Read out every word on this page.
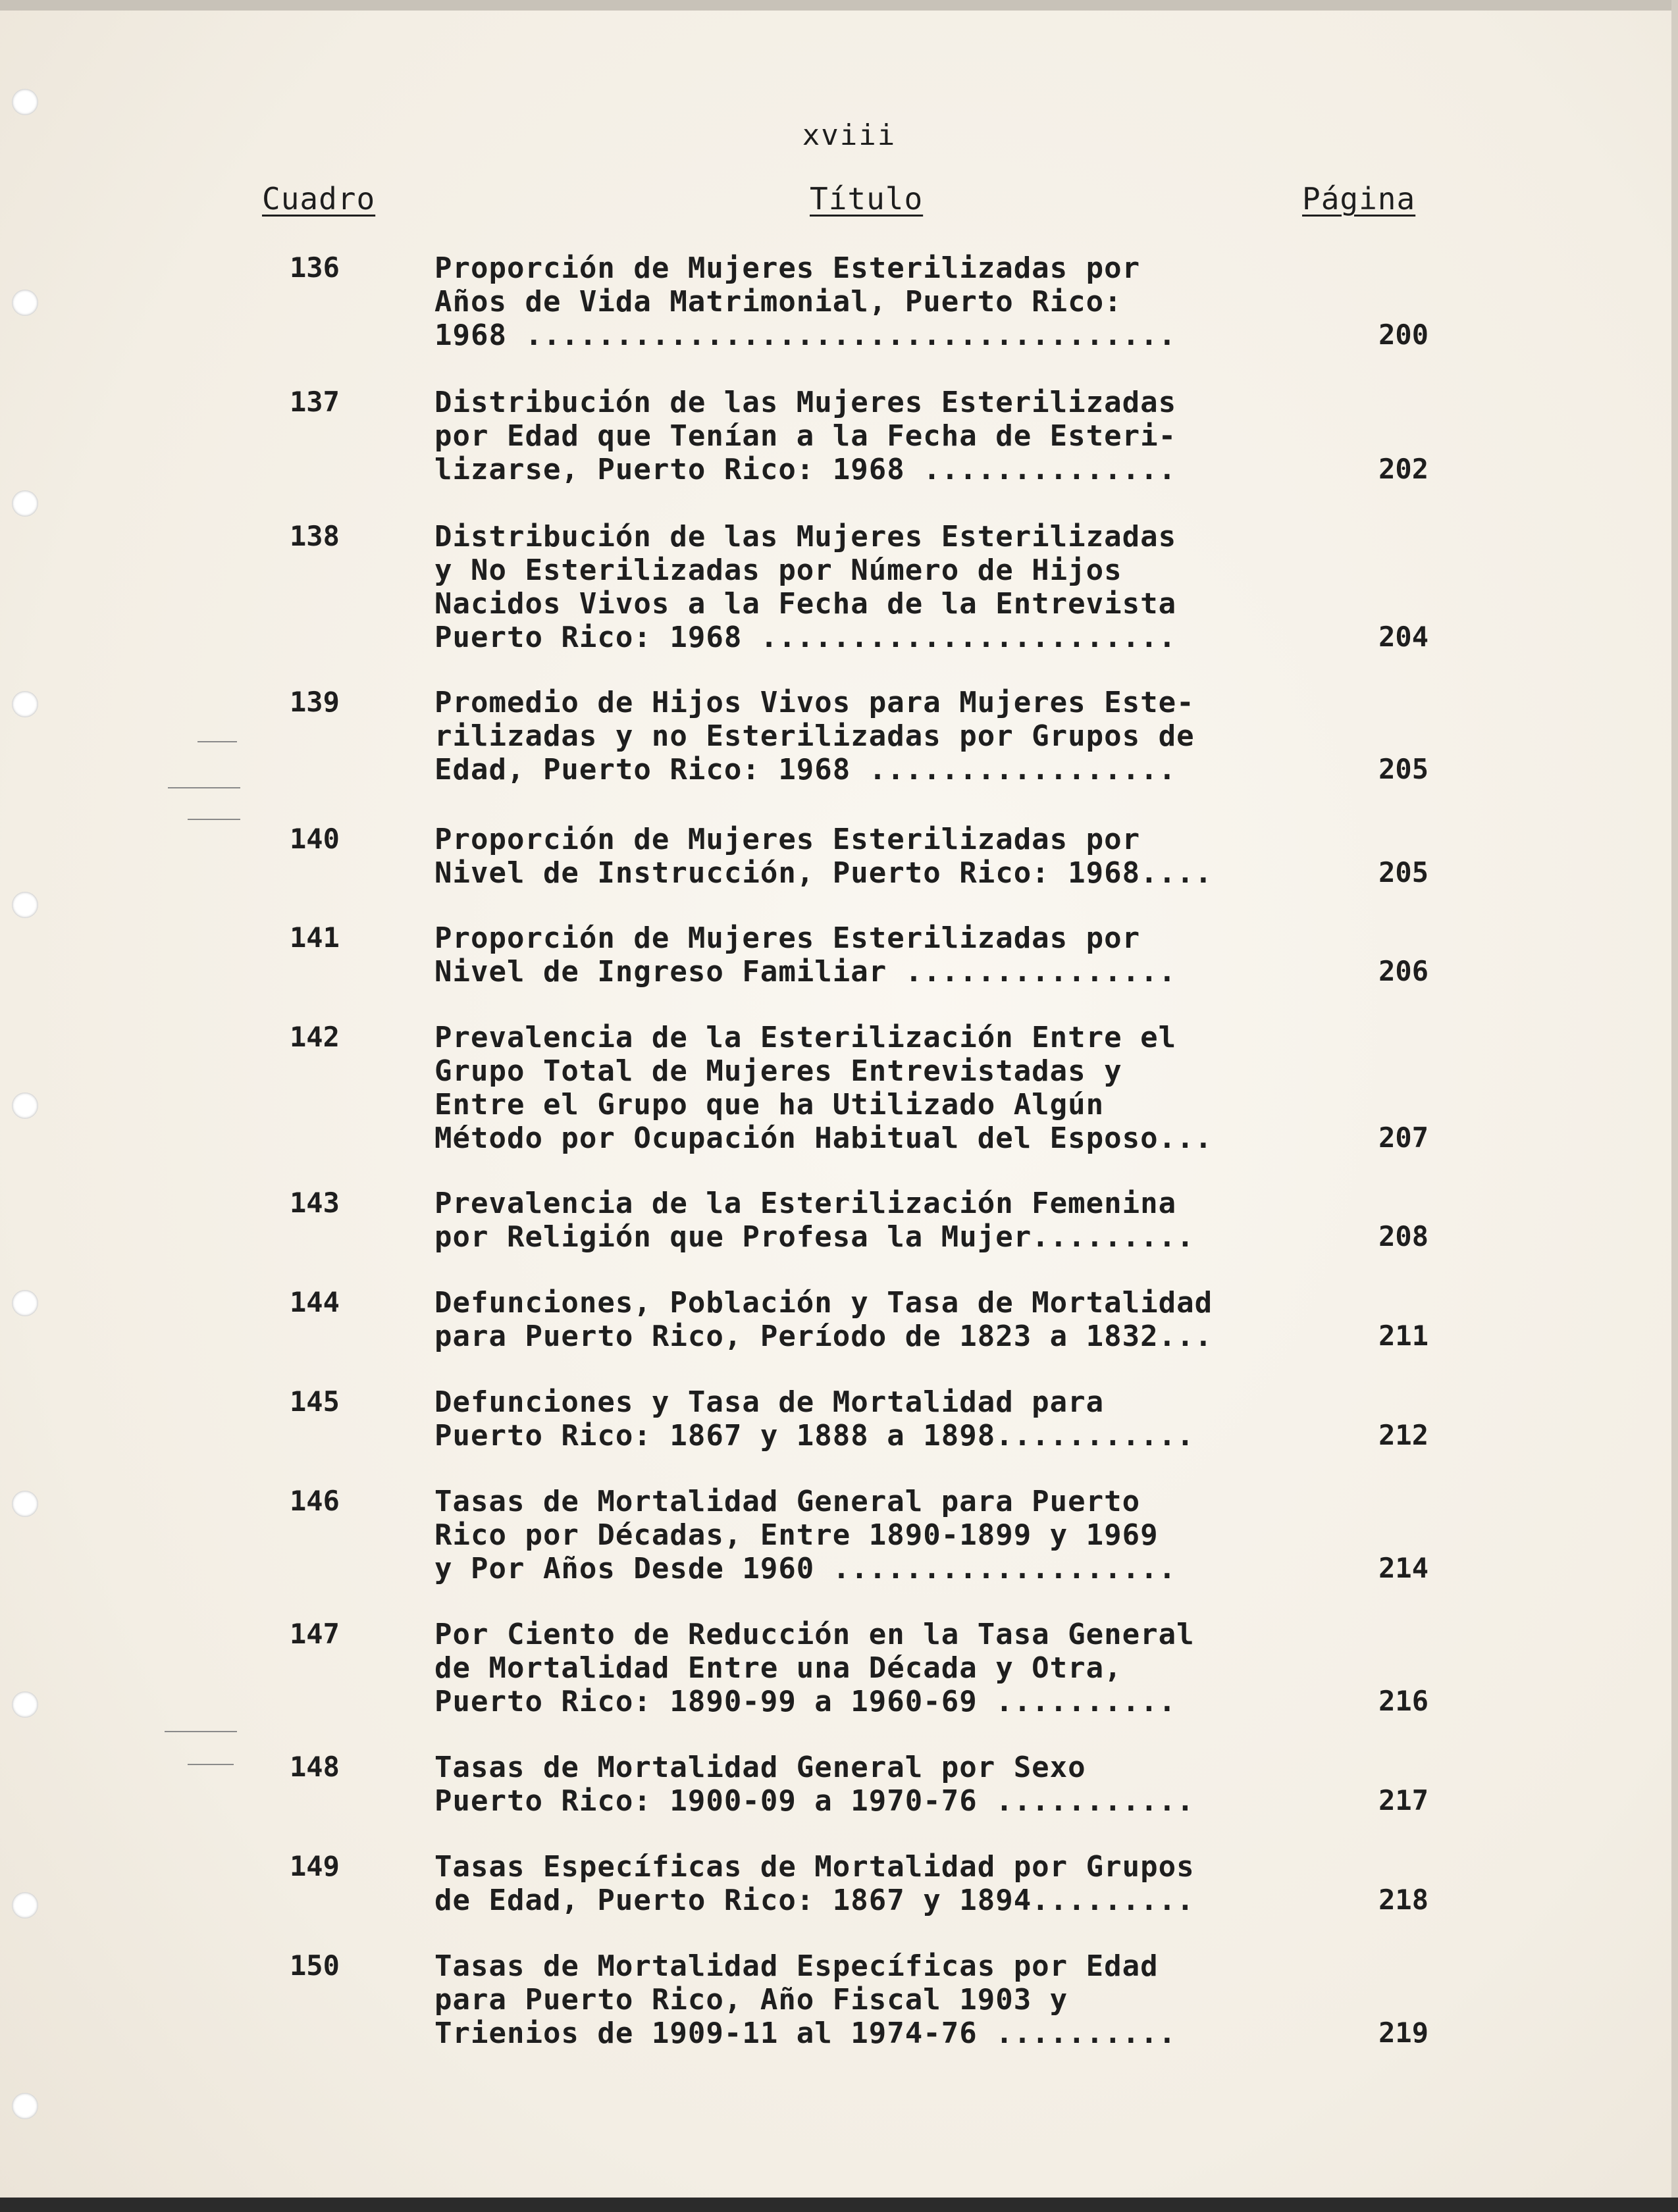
xviii
Cuadro	Título	Página
136	Proporción de Mujeres Esterilizadas por
Años de Vida Matrimonial, Puerto Rico:
1968 ....................................	200
137	Distribución de las Mujeres Esterilizadas
por Edad que Tenían a la Fecha de Esteri-
lizarse, Puerto Rico: 1968 ..............	202
138	Distribución de las Mujeres Esterilizadas
y No Esterilizadas por Número de Hijos
Nacidos Vivos a la Fecha de la Entrevista
Puerto Rico: 1968 .......................	204
139	Promedio de Hijos Vivos para Mujeres Este-
rilizadas y no Esterilizadas por Grupos de
Edad, Puerto Rico: 1968 .................	205
140	Proporción de Mujeres Esterilizadas por
Nivel de Instrucción, Puerto Rico: 1968....	205
141	Proporción de Mujeres Esterilizadas por
Nivel de Ingreso Familiar ...............	206
142	Prevalencia de la Esterilización Entre el
Grupo Total de Mujeres Entrevistadas y
Entre el Grupo que ha Utilizado Algún
Método por Ocupación Habitual del Esposo...	207
143	Prevalencia de la Esterilización Femenina
por Religión que Profesa la Mujer.........	208
144	Defunciones, Población y Tasa de Mortalidad
para Puerto Rico, Período de 1823 a 1832...	211
145	Defunciones y Tasa de Mortalidad para
Puerto Rico: 1867 y 1888 a 1898...........	212
146	Tasas de Mortalidad General para Puerto
Rico por Décadas, Entre 1890-1899 y 1969
y Por Años Desde 1960 ...................	214
147	Por Ciento de Reducción en la Tasa General
de Mortalidad Entre una Década y Otra,
Puerto Rico: 1890-99 a 1960-69 ..........	216
148	Tasas de Mortalidad General por Sexo
Puerto Rico: 1900-09 a 1970-76 ...........	217
149	Tasas Específicas de Mortalidad por Grupos
de Edad, Puerto Rico: 1867 y 1894.........	218
150	Tasas de Mortalidad Específicas por Edad
para Puerto Rico, Año Fiscal 1903 y
Trienios de 1909-11 al 1974-76 ..........	219
